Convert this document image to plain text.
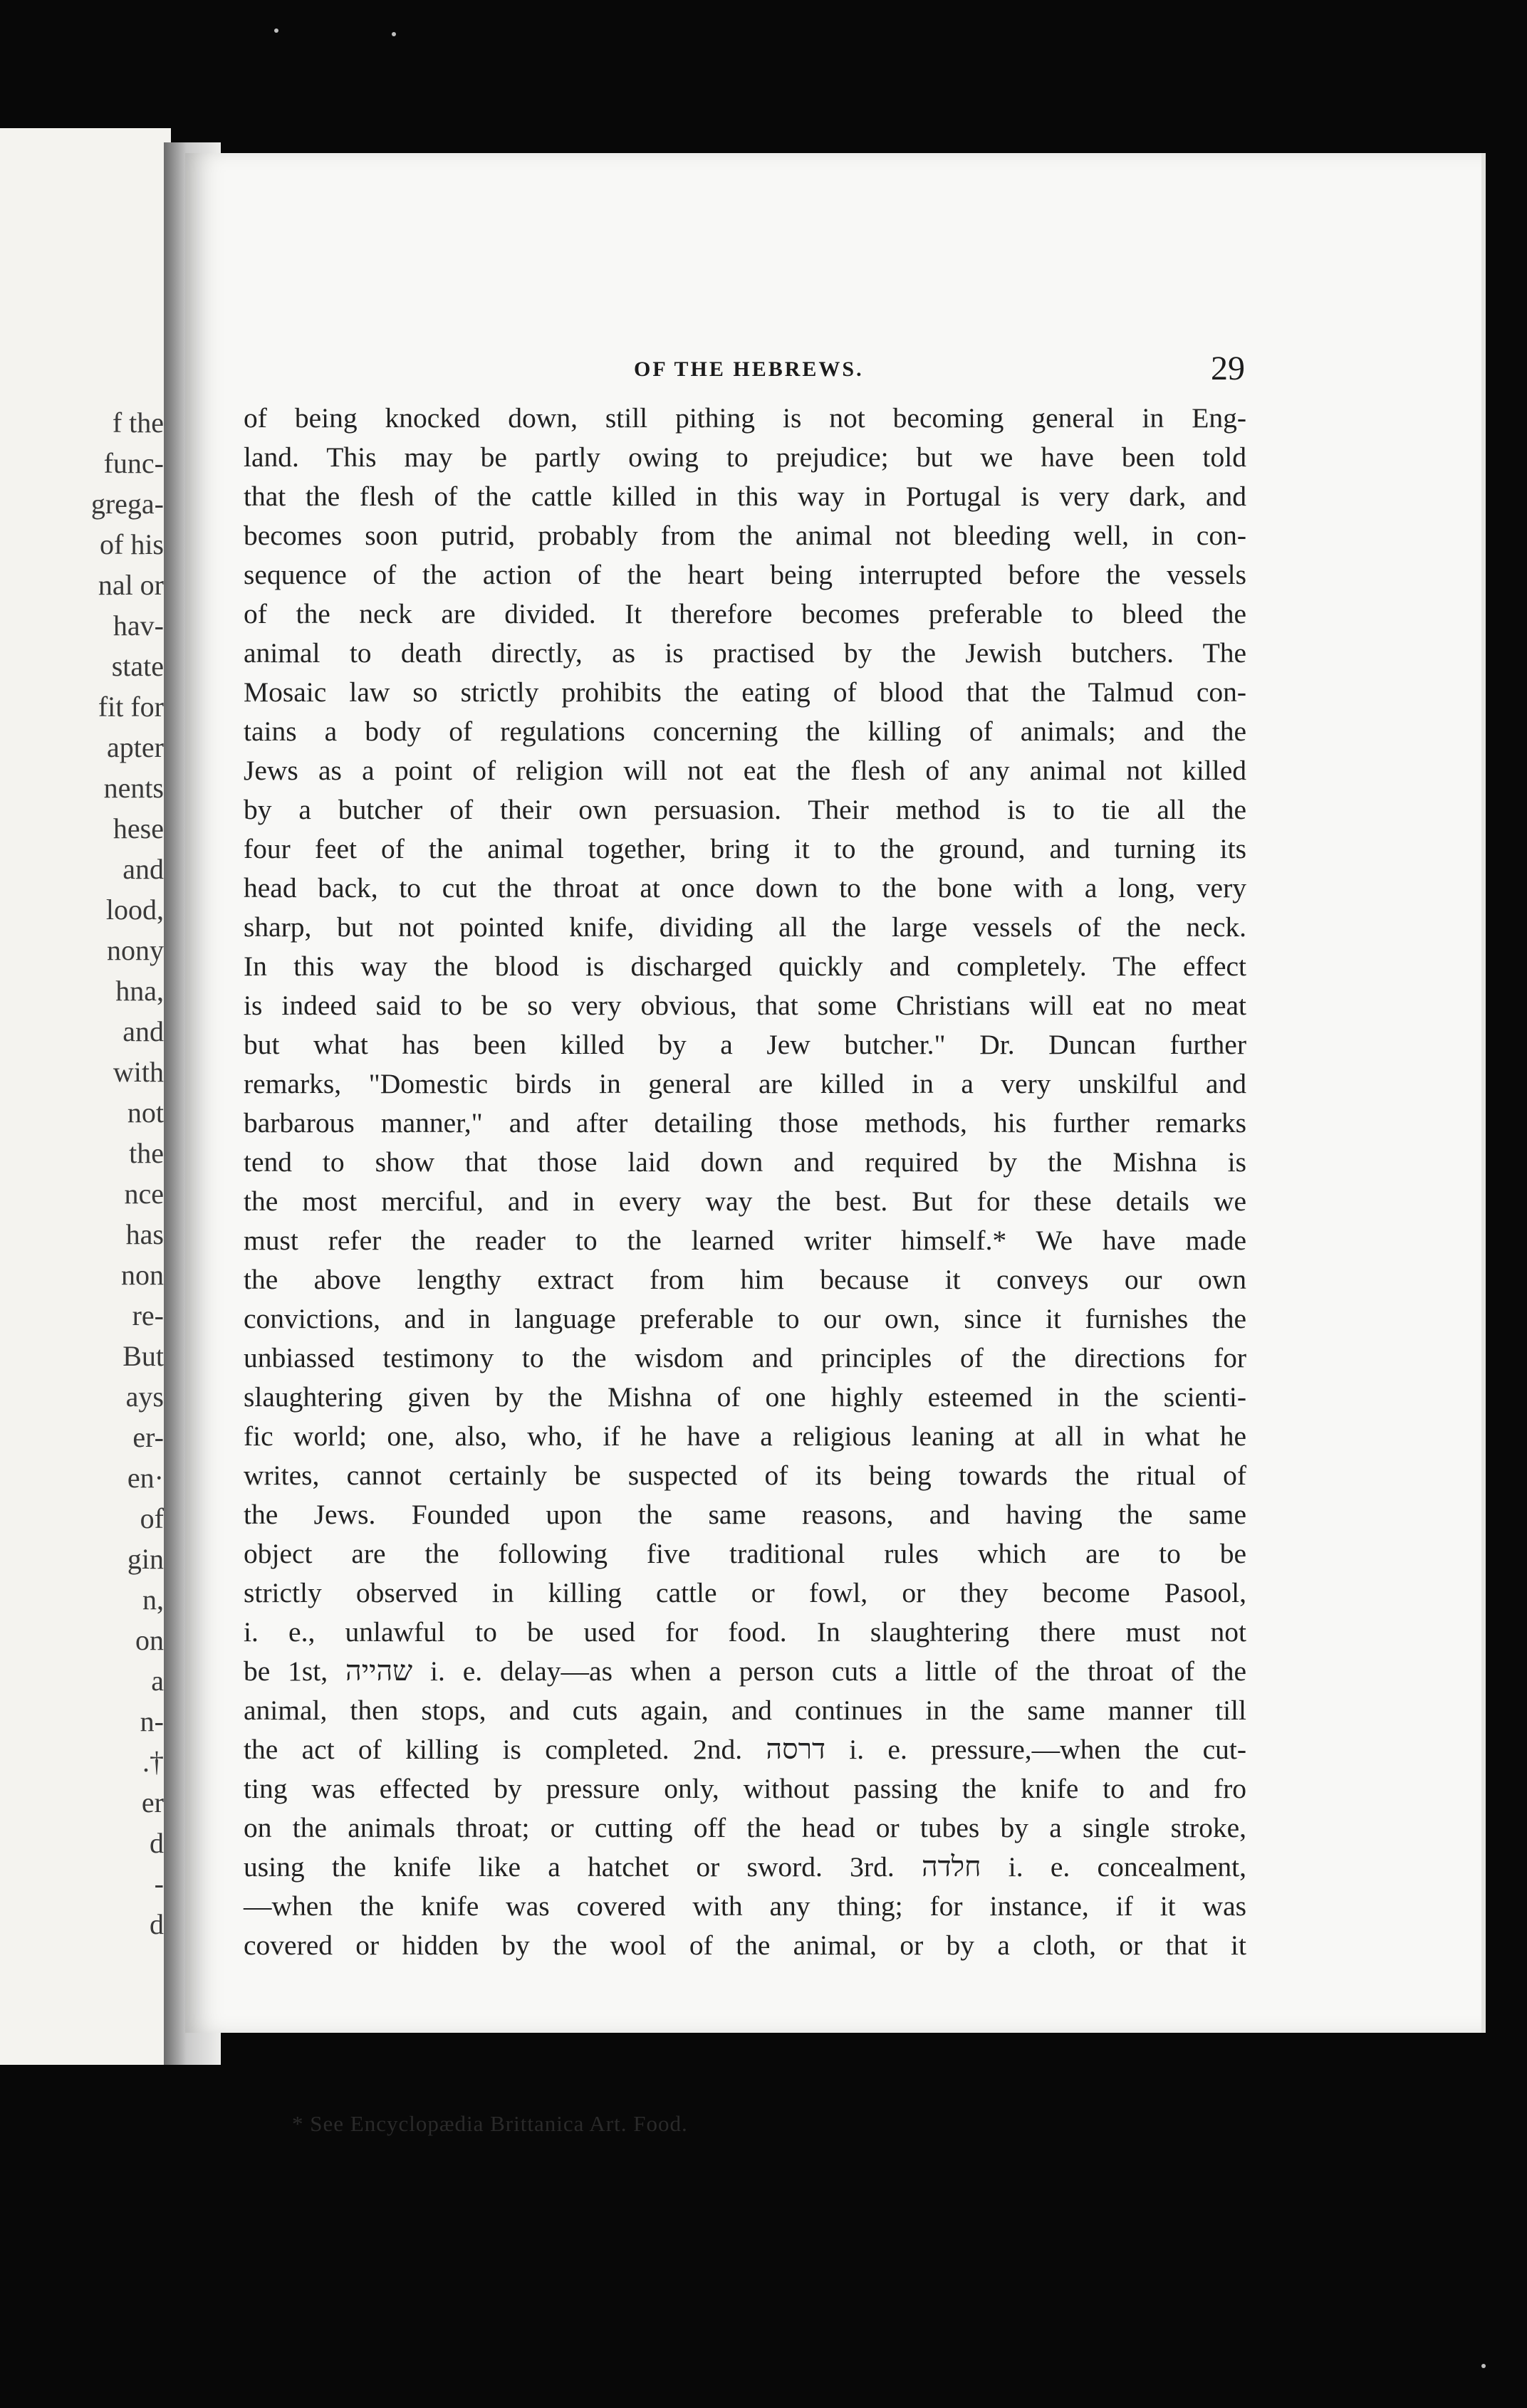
f the
func-
grega-
of his
nal or
hav-
state
fit for
apter
nents
hese
and
lood,
nony
hna,
and
with
not
the
nce
has
non
re-
But
ays
er-
en·
of
gin
n,
on
a
n-
.†
er
d
-
d
OF THE HEBREWS.	29
of being knocked down, still pithing is not becoming general in Eng-
land. This may be partly owing to prejudice; but we have been told
that the flesh of the cattle killed in this way in Portugal is very dark, and
becomes soon putrid, probably from the animal not bleeding well, in con-
sequence of the action of the heart being interrupted before the vessels
of the neck are divided. It therefore becomes preferable to bleed the
animal to death directly, as is practised by the Jewish butchers. The
Mosaic law so strictly prohibits the eating of blood that the Talmud con-
tains a body of regulations concerning the killing of animals; and the
Jews as a point of religion will not eat the flesh of any animal not killed
by a butcher of their own persuasion. Their method is to tie all the
four feet of the animal together, bring it to the ground, and turning its
head back, to cut the throat at once down to the bone with a long, very
sharp, but not pointed knife, dividing all the large vessels of the neck.
In this way the blood is discharged quickly and completely. The effect
is indeed said to be so very obvious, that some Christians will eat no meat
but what has been killed by a Jew butcher." Dr. Duncan further
remarks, "Domestic birds in general are killed in a very unskilful and
barbarous manner," and after detailing those methods, his further remarks
tend to show that those laid down and required by the Mishna is
the most merciful, and in every way the best. But for these details we
must refer the reader to the learned writer himself.* We have made
the above lengthy extract from him because it conveys our own
convictions, and in language preferable to our own, since it furnishes the
unbiassed testimony to the wisdom and principles of the directions for
slaughtering given by the Mishna of one highly esteemed in the scienti-
fic world; one, also, who, if he have a religious leaning at all in what he
writes, cannot certainly be suspected of its being towards the ritual of
the Jews. Founded upon the same reasons, and having the same
object are the following five traditional rules which are to be
strictly observed in killing cattle or fowl, or they become Pasool,
i. e., unlawful to be used for food. In slaughtering there must not
be 1st, שהייה i. e. delay—as when a person cuts a little of the throat of the
animal, then stops, and cuts again, and continues in the same manner till
the act of killing is completed. 2nd. דרסה i. e. pressure,—when the cut-
ting was effected by pressure only, without passing the knife to and fro
on the animals throat; or cutting off the head or tubes by a single stroke,
using the knife like a hatchet or sword. 3rd. חלדה i. e. concealment,
—when the knife was covered with any thing; for instance, if it was
covered or hidden by the wool of the animal, or by a cloth, or that it
* See Encyclopædia Brittanica Art. Food.
